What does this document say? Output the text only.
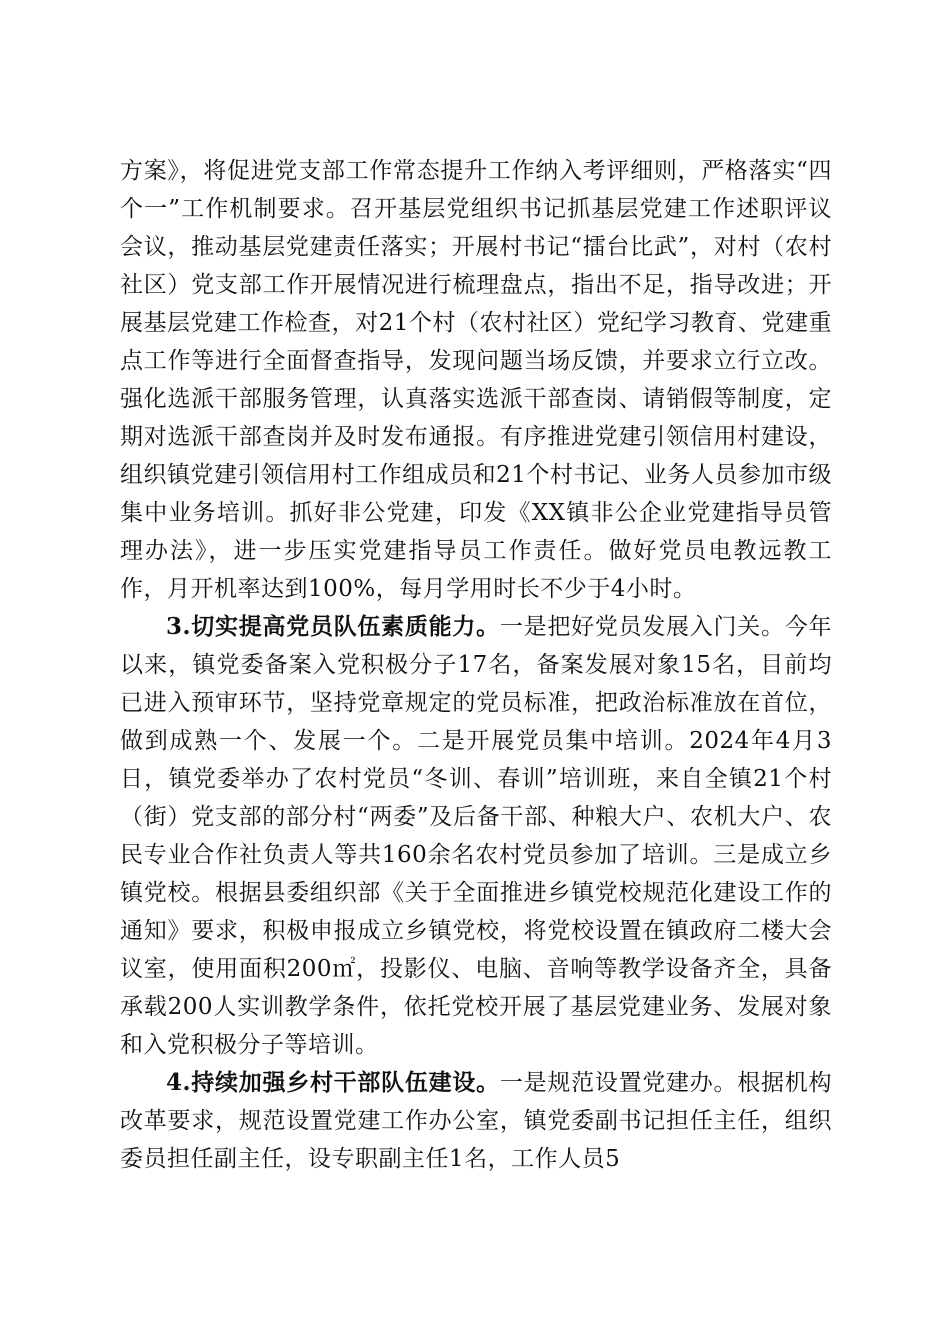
方案》，将促进党支部工作常态提升工作纳入考评细则，严格落实“四个一”工作机制要求。召开基层党组织书记抓基层党建工作述职评议会议，推动基层党建责任落实；开展村书记“擂台比武”，对村（农村社区）党支部工作开展情况进行梳理盘点，指出不足，指导改进；开展基层党建工作检查，对21个村（农村社区）党纪学习教育、党建重点工作等进行全面督查指导，发现问题当场反馈，并要求立行立改。强化选派干部服务管理，认真落实选派干部查岗、请销假等制度，定期对选派干部查岗并及时发布通报。有序推进党建引领信用村建设，组织镇党建引领信用村工作组成员和21个村书记、业务人员参加市级集中业务培训。抓好非公党建，印发《XX镇非公企业党建指导员管理办法》，进一步压实党建指导员工作责任。做好党员电教远教工作，月开机率达到100%，每月学用时长不少于4小时。

3.切实提高党员队伍素质能力。一是把好党员发展入门关。今年以来，镇党委备案入党积极分子17名，备案发展对象15名，目前均已进入预审环节，坚持党章规定的党员标准，把政治标准放在首位，做到成熟一个、发展一个。二是开展党员集中培训。2024年4月3日，镇党委举办了农村党员“冬训、春训”培训班，来自全镇21个村（街）党支部的部分村“两委”及后备干部、种粮大户、农机大户、农民专业合作社负责人等共160余名农村党员参加了培训。三是成立乡镇党校。根据县委组织部《关于全面推进乡镇党校规范化建设工作的通知》要求，积极申报成立乡镇党校，将党校设置在镇政府二楼大会议室，使用面积200㎡，投影仪、电脑、音响等教学设备齐全，具备承载200人实训教学条件，依托党校开展了基层党建业务、发展对象和入党积极分子等培训。

4.持续加强乡村干部队伍建设。一是规范设置党建办。根据机构改革要求，规范设置党建工作办公室，镇党委副书记担任主任，组织委员担任副主任，设专职副主任1名，工作人员5
